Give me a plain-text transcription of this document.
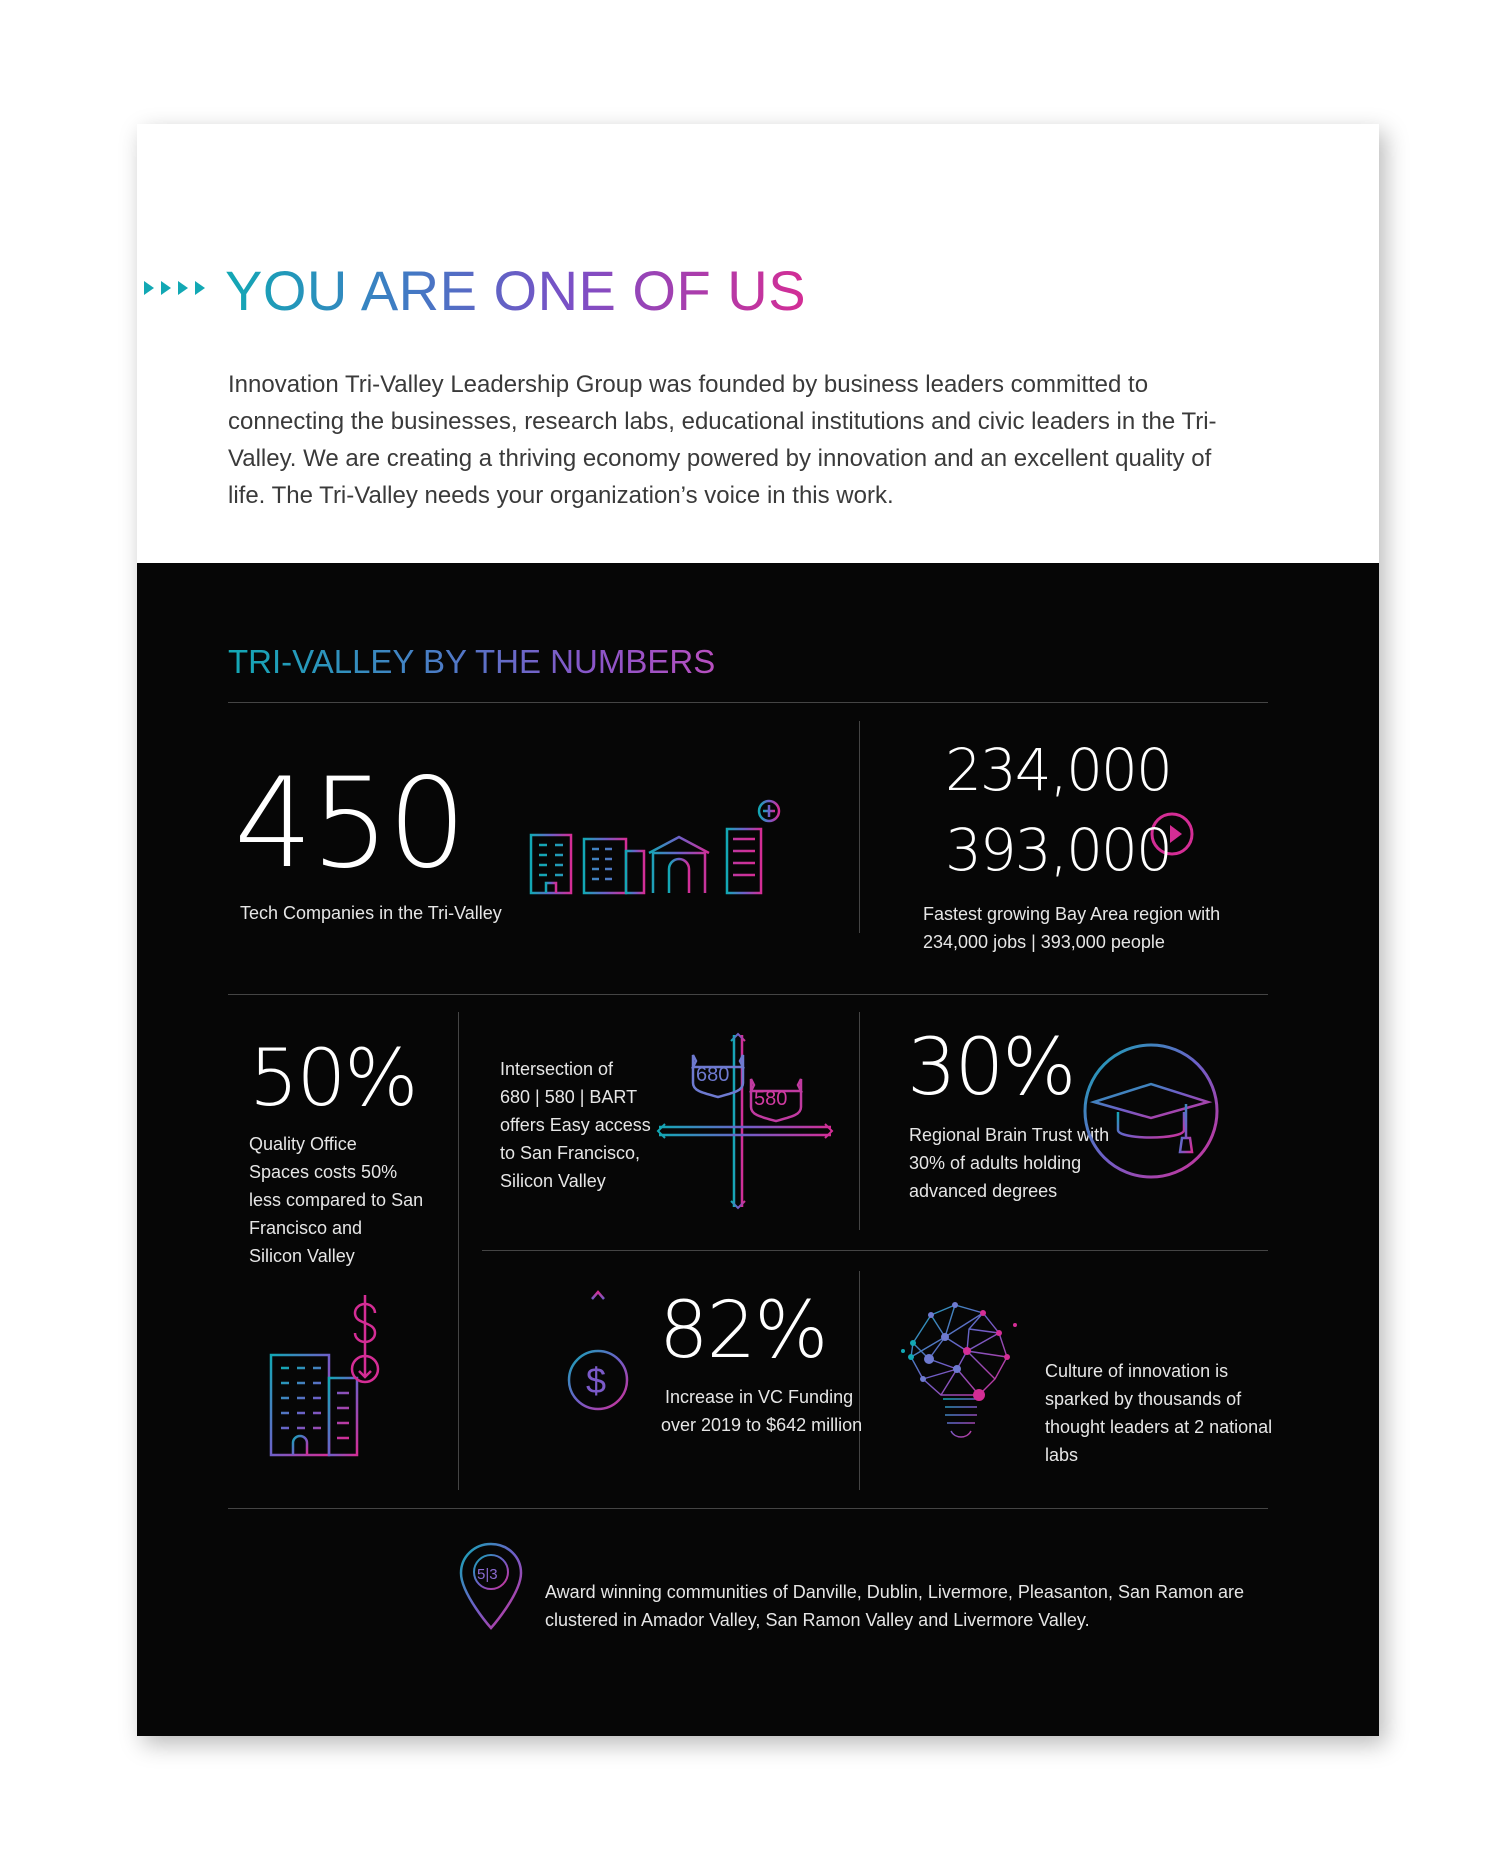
YOU ARE ONE OF US

Innovation Tri-Valley Leadership Group was founded by business leaders committed to connecting the businesses, research labs, educational institutions and civic leaders in the Tri-Valley. We are creating a thriving economy powered by innovation and an excellent quality of life. The Tri-Valley needs your organization’s voice in this work.

TRI-VALLEY BY THE NUMBERS
450
Tech Companies in the Tri-Valley
234,000
393,000
Fastest growing Bay Area region with
234,000 jobs | 393,000 people
50%
Quality Office
Spaces costs 50%
less compared to San
Francisco and
Silicon Valley
Intersection of
680 | 580 | BART
offers Easy access
to San Francisco,
Silicon Valley
680
580 30%
Regional Brain Trust with
30% of adults holding
advanced degrees
$
82%
Increase in VC Funding
over 2019 to $642 million
Culture of innovation is
sparked by thousands of
thought leaders at 2 national
labs
5|3
Award winning communities of Danville, Dublin, Livermore, Pleasanton, San Ramon are
clustered in Amador Valley, San Ramon Valley and Livermore Valley.
